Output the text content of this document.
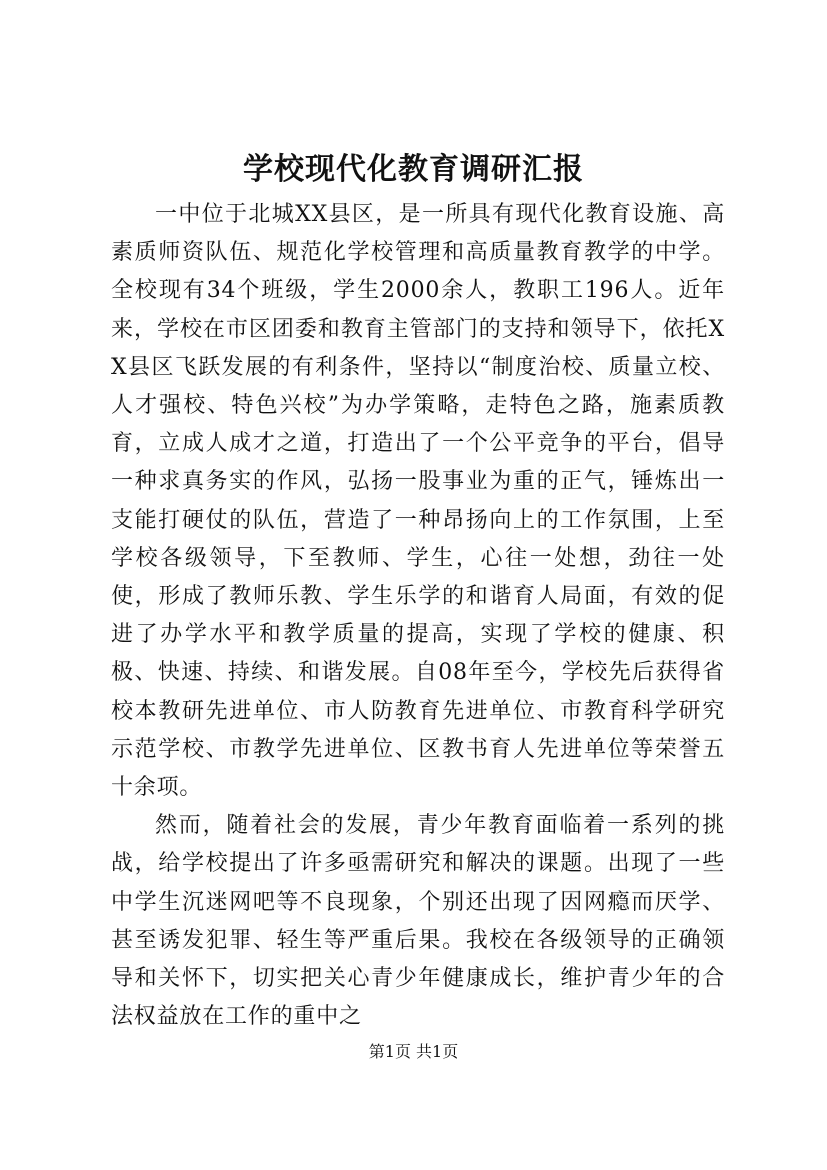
学校现代化教育调研汇报

一中位于北城XX县区，是一所具有现代化教育设施、高素质师资队伍、规范化学校管理和高质量教育教学的中学。全校现有34个班级，学生2000余人，教职工196人。近年来，学校在市区团委和教育主管部门的支持和领导下，依托XX县区飞跃发展的有利条件，坚持以“制度治校、质量立校、人才强校、特色兴校”为办学策略，走特色之路，施素质教育，立成人成才之道，打造出了一个公平竞争的平台，倡导一种求真务实的作风，弘扬一股事业为重的正气，锤炼出一支能打硬仗的队伍，营造了一种昂扬向上的工作氛围，上至学校各级领导，下至教师、学生，心往一处想，劲往一处使，形成了教师乐教、学生乐学的和谐育人局面，有效的促进了办学水平和教学质量的提高，实现了学校的健康、积极、快速、持续、和谐发展。自08年至今，学校先后获得省校本教研先进单位、市人防教育先进单位、市教育科学研究示范学校、市教学先进单位、区教书育人先进单位等荣誉五十余项。

然而，随着社会的发展，青少年教育面临着一系列的挑战，给学校提出了许多亟需研究和解决的课题。出现了一些中学生沉迷网吧等不良现象，个别还出现了因网瘾而厌学、甚至诱发犯罪、轻生等严重后果。我校在各级领导的正确领导和关怀下，切实把关心青少年健康成长，维护青少年的合法权益放在工作的重中之

第1页 共1页
